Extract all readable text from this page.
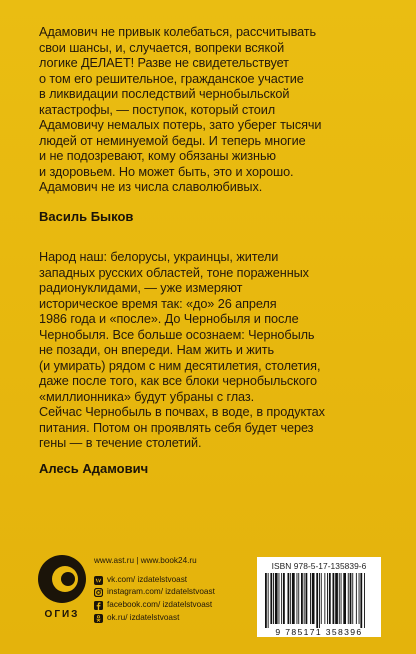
Адамович не привык колебаться, рассчитывать
свои шансы, и, случается, вопреки всякой
логике ДЕЛАЕТ! Разве не свидетельствует
о том его решительное, гражданское участие
в ликвидации последствий чернобыльской
катастрофы, — поступок, который стоил
Адамовичу немалых потерь, зато уберег тысячи
людей от неминуемой беды. И теперь многие
и не подозревают, кому обязаны жизнью
и здоровьем. Но может быть, это и хорошо.
Адамович не из числа славолюбивых.
Василь Быков
Народ наш: белорусы, украинцы, жители
западных русских областей, тоне пораженных
радионуклидами, — уже измеряют
историческое время так: «до» 26 апреля
1986 года и «после». До Чернобыля и после
Чернобыля. Все больше осознаем: Чернобыль
не позади, он впереди. Нам жить и жить
(и умирать) рядом с ним десятилетия, столетия,
даже после того, как все блоки чернобыльского
«миллионника» будут убраны с глаз.
Сейчас Чернобыль в почвах, в воде, в продуктах
питания. Потом он проявлять себя будет через
гены — в течение столетий.
Алесь Адамович
ОГИЗ
www.ast.ru | www.book24.ru
vk.com/ izdatelstvoast
instagram.com/ izdatelstvoast
facebook.com/ izdatelstvoast
ok.ru/ izdatelstvoast
ISBN 978-5-17-135839-6
9 785171 358396
